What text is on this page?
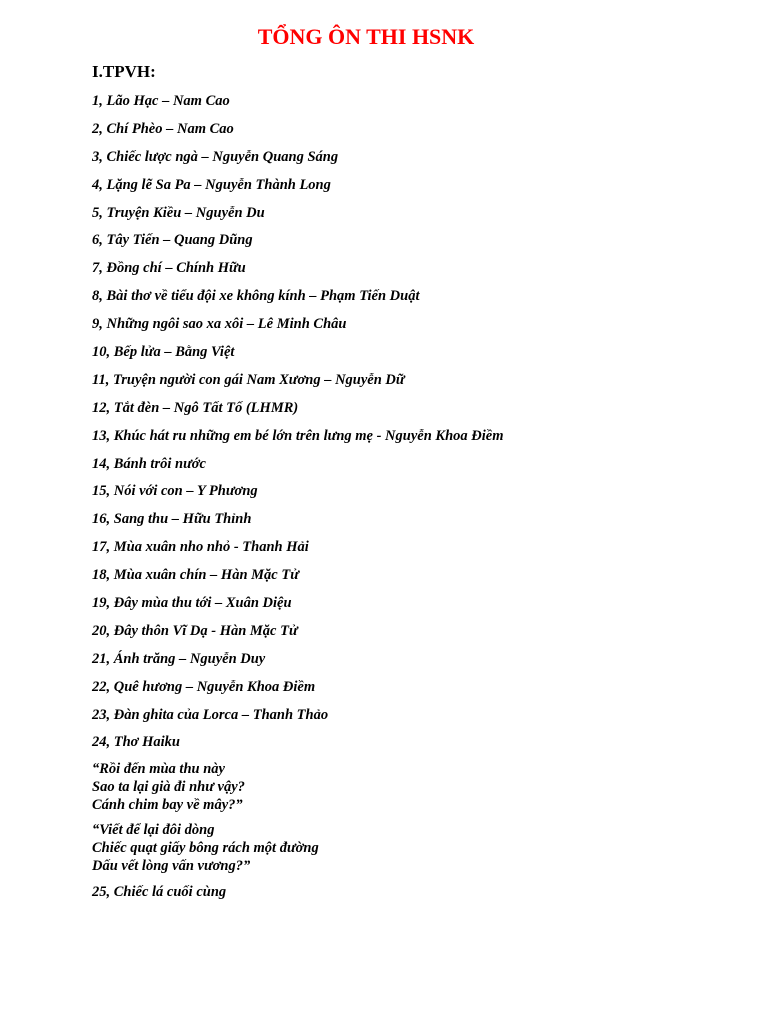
TỔNG ÔN THI HSNK
I.TPVH:
1, Lão Hạc – Nam Cao
2, Chí Phèo – Nam Cao
3, Chiếc lược ngà – Nguyễn Quang Sáng
4, Lặng lẽ Sa Pa – Nguyễn Thành Long
5, Truyện Kiều – Nguyễn Du
6, Tây Tiến – Quang Dũng
7, Đồng chí – Chính Hữu
8, Bài thơ về tiểu đội xe không kính – Phạm Tiến Duật
9, Những ngôi sao xa xôi – Lê Minh Châu
10, Bếp lửa – Bằng Việt
11, Truyện người con gái Nam Xương – Nguyễn Dữ
12, Tắt đèn – Ngô Tất Tố (LHMR)
13, Khúc hát ru những em bé lớn trên lưng mẹ - Nguyễn Khoa Điềm
14, Bánh trôi nước
15, Nói với con – Y Phương
16, Sang thu – Hữu Thỉnh
17, Mùa xuân nho nhỏ - Thanh Hải
18, Mùa xuân chín – Hàn Mặc Tử
19, Đây mùa thu tới – Xuân Diệu
20, Đây thôn Vĩ Dạ - Hàn Mặc Tử
21, Ánh trăng – Nguyễn Duy
22, Quê hương – Nguyễn Khoa Điềm
23, Đàn ghita của Lorca – Thanh Thảo
24, Thơ Haiku
“Rồi đến mùa thu này
Sao ta lại già đi như vậy?
Cánh chim bay về mây?”
“Viết để lại đôi dòng
Chiếc quạt giấy bông rách một đường
Dấu vết lòng vấn vương?”
25, Chiếc lá cuối cùng
